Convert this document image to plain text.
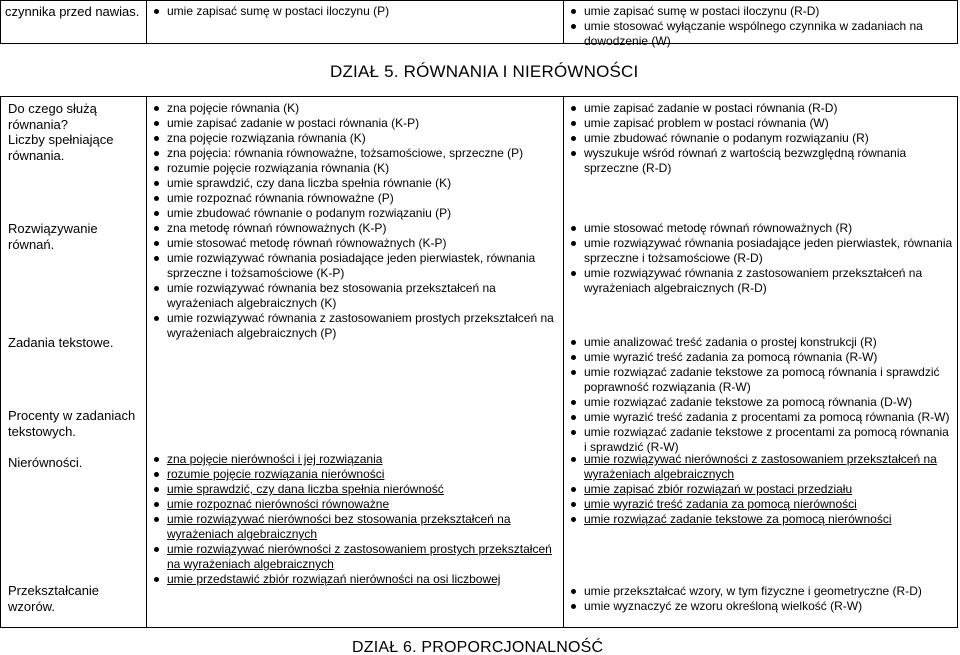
czynnika przed nawias.	umie zapisać sumę w postaci iloczynu (P)	umie zapisać sumę w postaci iloczynu (R-D)
umie stosować wyłączanie wspólnego czynnika w zadaniach na dowodzenie (W)
DZIAŁ 5. RÓWNANIA I NIERÓWNOŚCI
Do czego służą równania?
Liczby spełniające równania.
Rozwiązywanie równań.
Zadania tekstowe.
Procenty w zadaniach tekstowych.
Nierówności.
Przekształcanie wzorów.
zna pojęcie równania (K)
umie zapisać zadanie w postaci równania (K-P)
zna pojęcie rozwiązania równania (K)
zna pojęcia: równania równoważne, tożsamościowe, sprzeczne (P)
rozumie pojęcie rozwiązania równania (K)
umie sprawdzić, czy dana liczba spełnia równanie (K)
umie rozpoznać równania równoważne (P)
umie zbudować równanie o podanym rozwiązaniu (P)
zna metodę równań równoważnych (K-P)
umie stosować metodę równań równoważnych (K-P)
umie rozwiązywać równania posiadające jeden pierwiastek, równania sprzeczne i tożsamościowe (K-P)
umie rozwiązywać równania bez stosowania przekształceń na wyrażeniach algebraicznych (K)
umie rozwiązywać równania z zastosowaniem prostych przekształceń na wyrażeniach algebraicznych (P)
zna pojęcie nierówności i jej rozwiązania
rozumie pojęcie rozwiązania nierówności
umie sprawdzić, czy dana liczba spełnia nierówność
umie rozpoznać nierówności równoważne
umie rozwiązywać nierówności bez stosowania przekształceń na wyrażeniach algebraicznych
umie rozwiązywać nierówności z zastosowaniem prostych przekształceń na wyrażeniach algebraicznych
umie przedstawić zbiór rozwiązań nierówności na osi liczbowej
umie zapisać zadanie w postaci równania (R-D)
umie zapisać problem w postaci równania (W)
umie zbudować równanie o podanym rozwiązaniu (R)
wyszukuje wśród równań z wartością bezwzględną równania sprzeczne (R-D)
umie stosować metodę równań równoważnych (R)
umie rozwiązywać równania posiadające jeden pierwiastek, równania sprzeczne i tożsamościowe (R-D)
umie rozwiązywać równania z zastosowaniem przekształceń na wyrażeniach algebraicznych (R-D)
umie analizować treść zadania o prostej konstrukcji (R)
umie wyrazić treść zadania za pomocą równania (R-W)
umie rozwiązać zadanie tekstowe za pomocą równania i sprawdzić poprawność rozwiązania (R-W)
umie rozwiązać zadanie tekstowe za pomocą równania (D-W)
umie wyrazić treść zadania z procentami za pomocą równania (R-W)
umie rozwiązać zadanie tekstowe z procentami za pomocą równania i sprawdzić (R-W)
umie rozwiązywać nierówności z zastosowaniem przekształceń na wyrażeniach algebraicznych
umie zapisać zbiór rozwiązań w postaci przedziału
umie wyrazić treść zadania za pomocą nierówności
umie rozwiązać zadanie tekstowe za pomocą nierówności
umie przekształcać wzory, w tym fizyczne i geometryczne (R-D)
umie wyznaczyć ze wzoru określoną wielkość (R-W)
DZIAŁ 6. PROPORCJONALNOŚĆ
